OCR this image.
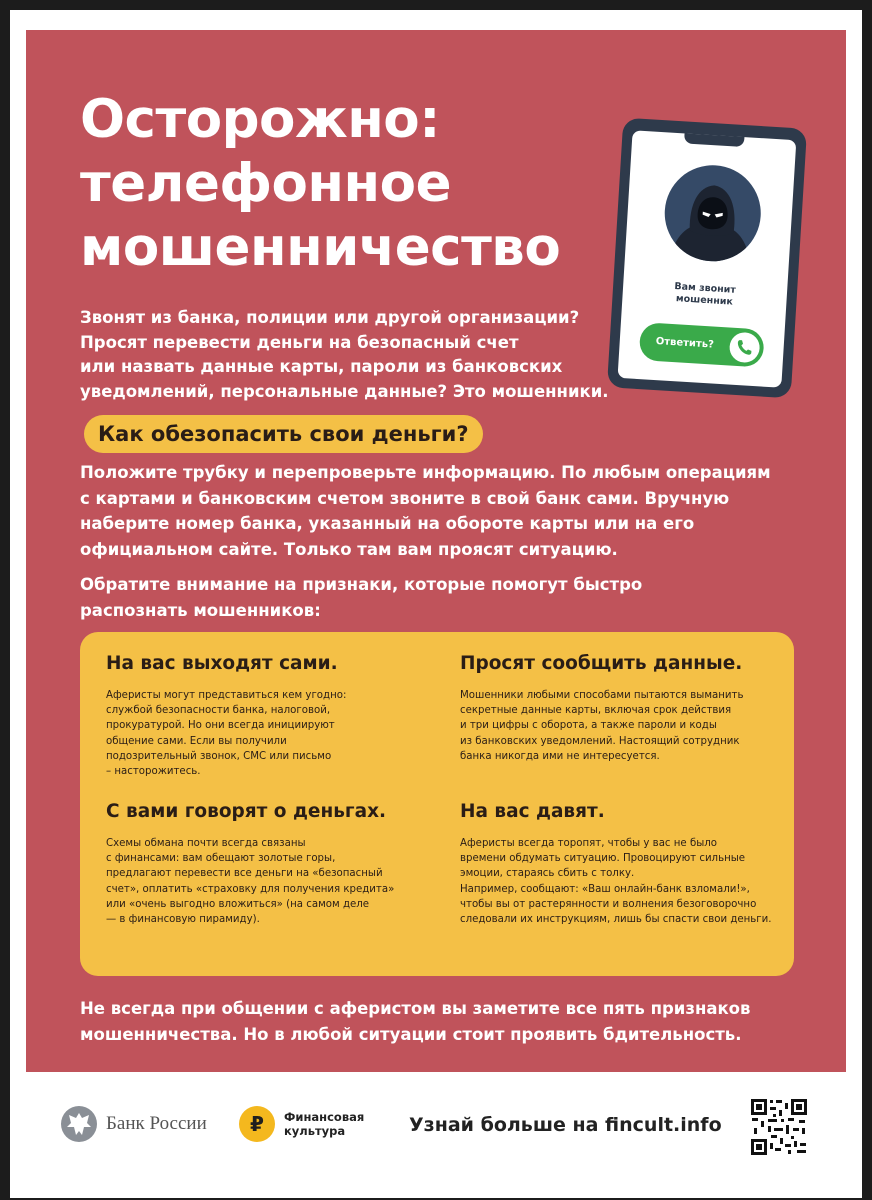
Осторожно:
телефонное
мошенничество
Звонят из банка, полиции или другой организации?
Просят перевести деньги на безопасный счет
или назвать данные карты, пароли из банковских
уведомлений, персональные данные? Это мошенники.
Как обезопасить свои деньги?
Положите трубку и перепроверьте информацию. По любым операциям
с картами и банковским счетом звоните в свой банк сами. Вручную
наберите номер банка, указанный на обороте карты или на его
официальном сайте. Только там вам проясят ситуацию.
Обратите внимание на признаки, которые помогут быстро
распознать мошенников:
На вас выходят сами.

Аферисты могут представиться кем угодно:
службой безопасности банка, налоговой,
прокуратурой. Но они всегда инициируют
общение сами. Если вы получили
подозрительный звонок, СМС или письмо
– насторожитесь.

Просят сообщить данные.

Мошенники любыми способами пытаются выманить
секретные данные карты, включая срок действия
и три цифры с оборота, а также пароли и коды
из банковских уведомлений. Настоящий сотрудник
банка никогда ими не интересуется.

С вами говорят о деньгах.

Схемы обмана почти всегда связаны
с финансами: вам обещают золотые горы,
предлагают перевести все деньги на «безопасный
счет», оплатить «страховку для получения кредита»
или «очень выгодно вложиться» (на самом деле
— в финансовую пирамиду).

На вас давят.

Аферисты всегда торопят, чтобы у вас не было
времени обдумать ситуацию. Провоцируют сильные
эмоции, стараясь сбить с толку.
Например, сообщают: «Ваш онлайн-банк взломали!»,
чтобы вы от растерянности и волнения безоговорочно
следовали их инструкциям, лишь бы спасти свои деньги.

Не всегда при общении с аферистом вы заметите все пять признаков
мошенничества. Но в любой ситуации стоит проявить бдительность.
Вам звонит
мошенник
Ответить?
Банк России ₽ Финансовая
культура	Узнай больше на fincult.info
